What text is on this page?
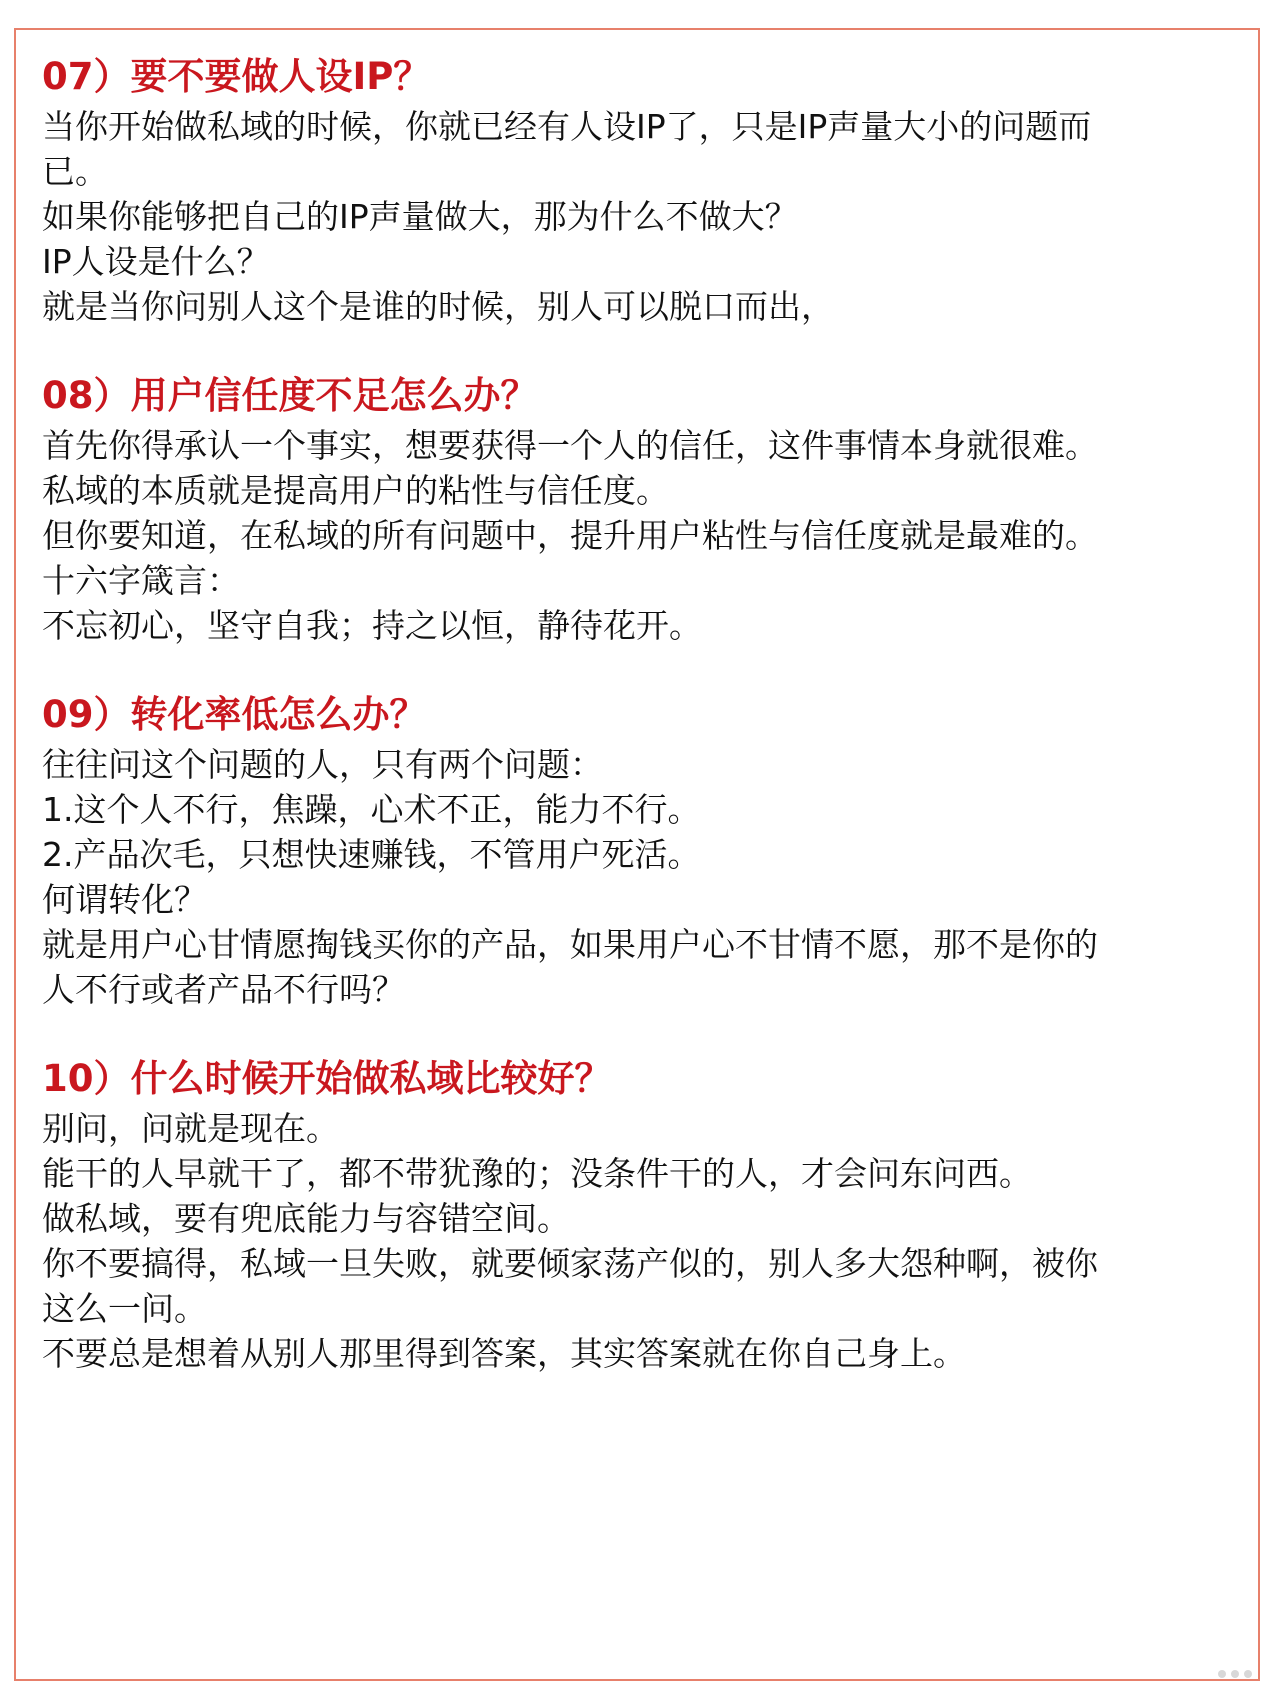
07）要不要做人设IP？

当你开始做私域的时候，你就已经有人设IP了，只是IP声量大小的问题而

已。

如果你能够把自己的IP声量做大，那为什么不做大？

IP人设是什么？

就是当你问别人这个是谁的时候，别人可以脱口而出，

08）用户信任度不足怎么办？

首先你得承认一个事实，想要获得一个人的信任，这件事情本身就很难。

私域的本质就是提高用户的粘性与信任度。

但你要知道，在私域的所有问题中，提升用户粘性与信任度就是最难的。

十六字箴言：

不忘初心，坚守自我；持之以恒，静待花开。

09）转化率低怎么办？

往往问这个问题的人，只有两个问题：

1.这个人不行，焦躁，心术不正，能力不行。

2.产品次毛，只想快速赚钱，不管用户死活。

何谓转化？

就是用户心甘情愿掏钱买你的产品，如果用户心不甘情不愿，那不是你的

人不行或者产品不行吗？

10）什么时候开始做私域比较好？

别问，问就是现在。

能干的人早就干了，都不带犹豫的；没条件干的人，才会问东问西。

做私域，要有兜底能力与容错空间。

你不要搞得，私域一旦失败，就要倾家荡产似的，别人多大怨种啊，被你

这么一问。

不要总是想着从别人那里得到答案，其实答案就在你自己身上。
